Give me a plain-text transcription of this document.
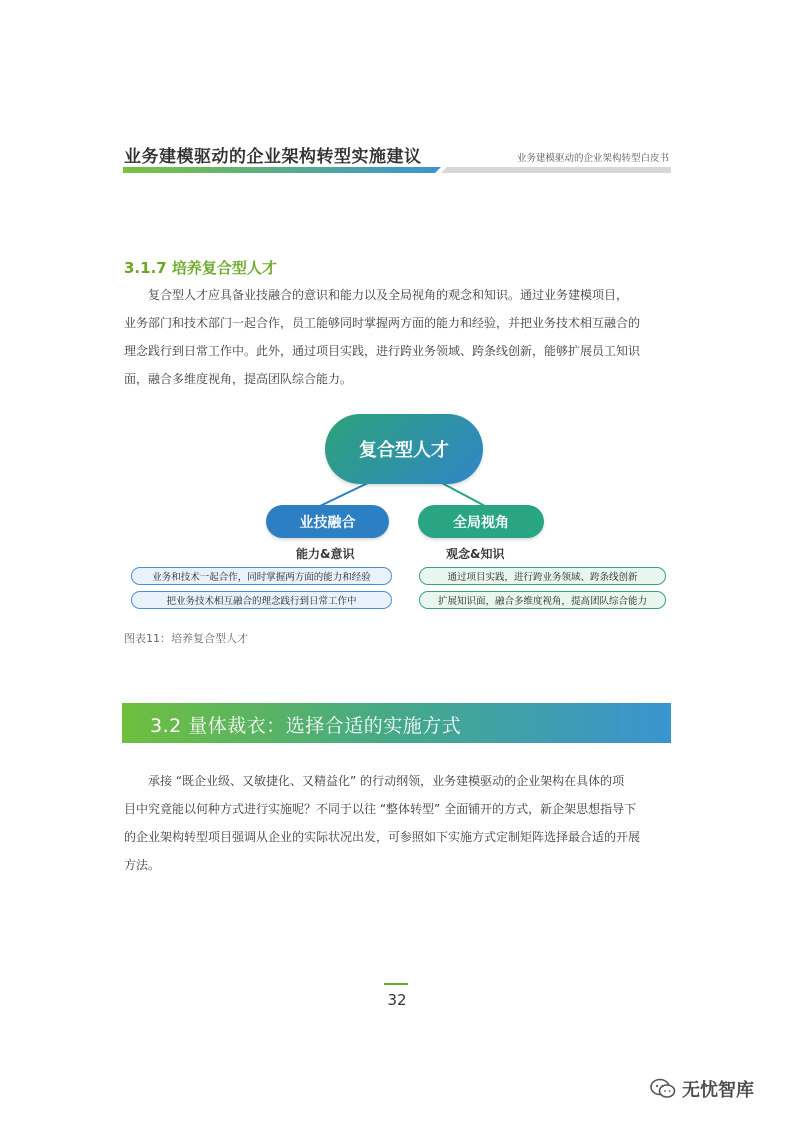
业务建模驱动的企业架构转型实施建议	业务建模驱动的企业架构转型白皮书
3.1.7 培养复合型人才
复合型人才应具备业技融合的意识和能力以及全局视角的观念和知识。通过业务建模项目，
业务部门和技术部门一起合作，员工能够同时掌握两方面的能力和经验，并把业务技术相互融合的
理念践行到日常工作中。此外，通过项目实践，进行跨业务领域、跨条线创新，能够扩展员工知识
面，融合多维度视角，提高团队综合能力。
复合型人才
业技融合	全局视角
能力&意识	观念&知识
业务和技术一起合作，同时掌握两方面的能力和经验
把业务技术相互融合的理念践行到日常工作中
通过项目实践，进行跨业务领域、跨条线创新
扩展知识面，融合多维度视角，提高团队综合能力
图表11：培养复合型人才
3.2 量体裁衣：选择合适的实施方式
承接 “既企业级、又敏捷化、又精益化” 的行动纲领，业务建模驱动的企业架构在具体的项
目中究竟能以何种方式进行实施呢？不同于以往 “整体转型” 全面铺开的方式，新企架思想指导下
的企业架构转型项目强调从企业的实际状况出发，可参照如下实施方式定制矩阵选择最合适的开展
方法。
32
无忧智库
